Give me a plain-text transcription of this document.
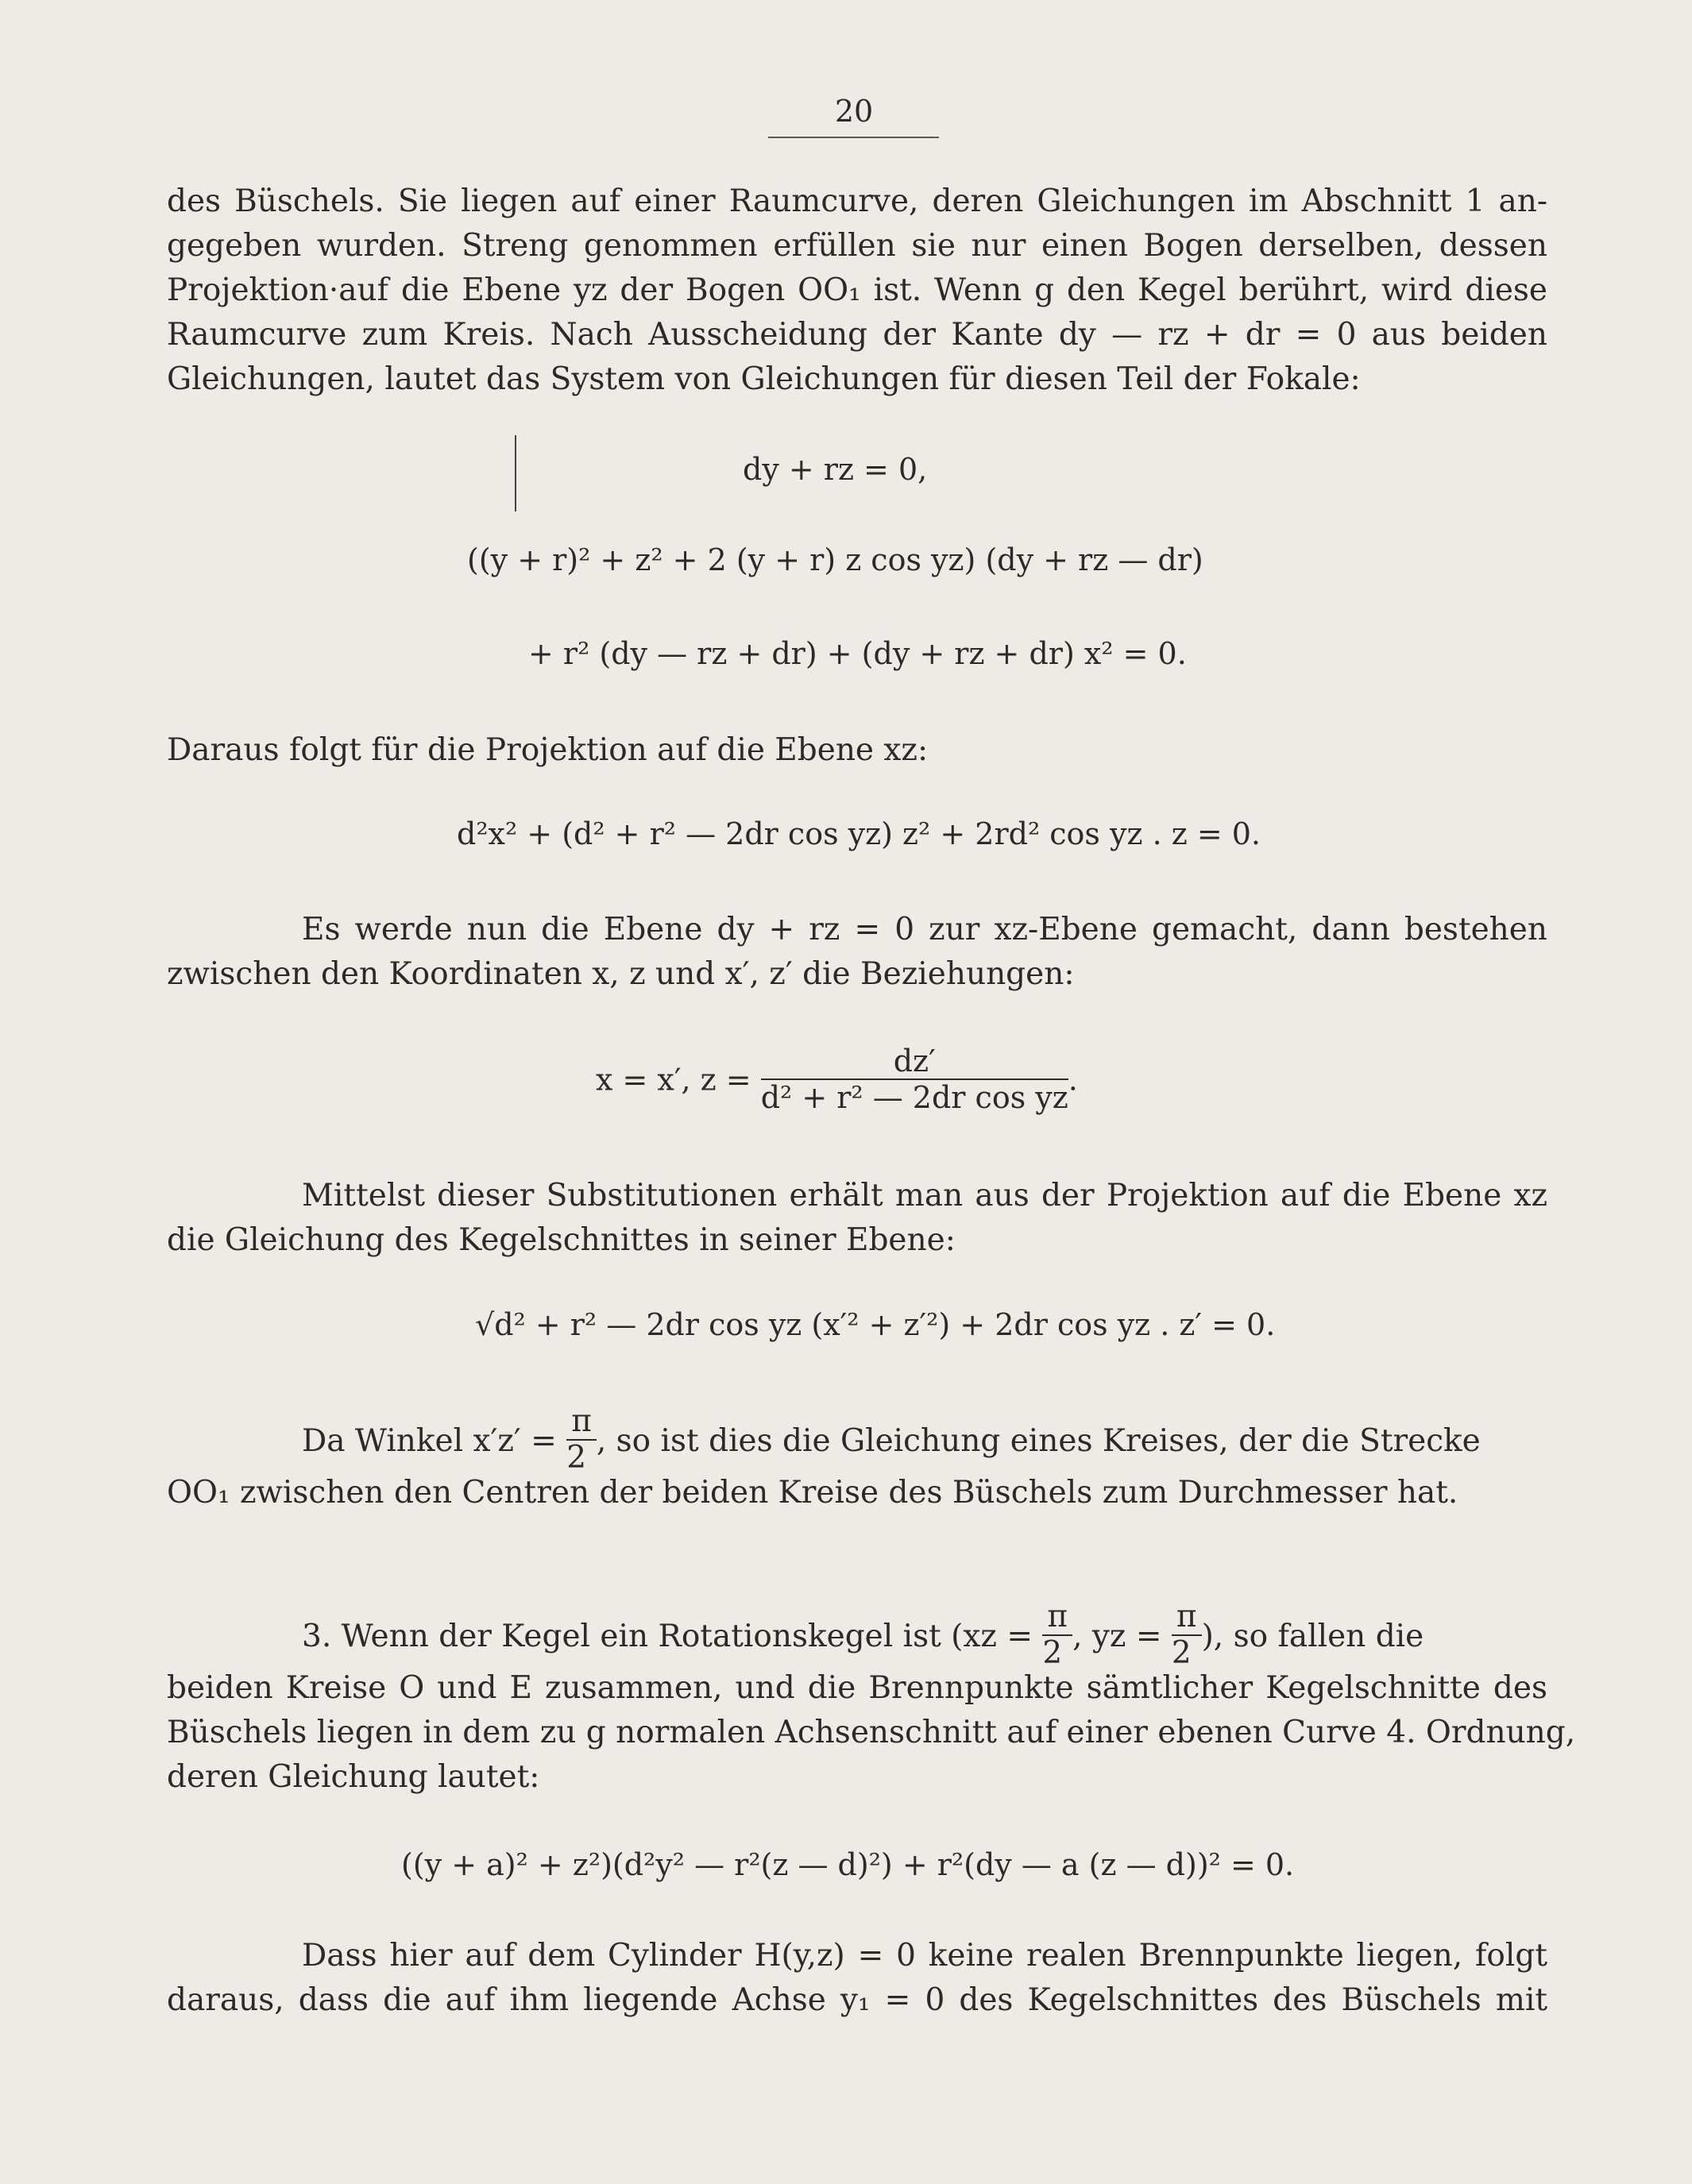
20
des Büschels. Sie liegen auf einer Raumcurve, deren Gleichungen im Abschnitt 1 an-
gegeben wurden. Streng genommen erfüllen sie nur einen Bogen derselben, dessen
Projektion·auf die Ebene yz der Bogen OO₁ ist. Wenn g den Kegel berührt, wird diese
Raumcurve zum Kreis. Nach Ausscheidung der Kante dy — rz + dr = 0 aus beiden
Gleichungen, lautet das System von Gleichungen für diesen Teil der Fokale:
dy + rz = 0,
((y + r)² + z² + 2 (y + r) z cos yz) (dy + rz — dr)
+ r² (dy — rz + dr) + (dy + rz + dr) x² = 0.
Daraus folgt für die Projektion auf die Ebene xz:
d²x² + (d² + r² — 2dr cos yz) z² + 2rd² cos yz . z = 0.
Es werde nun die Ebene dy + rz = 0 zur xz-Ebene gemacht, dann bestehen
zwischen den Koordinaten x, z und x′, z′ die Beziehungen:
x = x′, $z = \frac{dz'}{\text{d² + r² — 2dr cos yz}}$ .
Mittelst dieser Substitutionen erhält man aus der Projektion auf die Ebene xz
die Gleichung des Kegelschnittes in seiner Ebene:
√d² + r² — 2dr cos yz (x′² + z′²) + 2dr cos yz . z′ = 0.
Da Winkel $x'z' = \frac{\pi}{2}$ , so ist dies die Gleichung eines Kreises, der die Strecke
OO₁ zwischen den Centren der beiden Kreise des Büschels zum Durchmesser hat.
3. Wenn der Kegel ein Rotationskegel ist ($xz = \frac{\pi}{2}$ , yz = $\frac{\pi}{2}$ ), so fallen die
beiden Kreise O und E zusammen, und die Brennpunkte sämtlicher Kegelschnitte des
Büschels liegen in dem zu g normalen Achsenschnitt auf einer ebenen Curve 4. Ordnung,
deren Gleichung lautet:
((y + a)² + z²)(d²y² — r²(z — d)²) + r²(dy — a (z — d))² = 0.
Dass hier auf dem Cylinder H(y,z) = 0 keine realen Brennpunkte liegen, folgt
daraus, dass die auf ihm liegende Achse y₁ = 0 des Kegelschnittes des Büschels mit
